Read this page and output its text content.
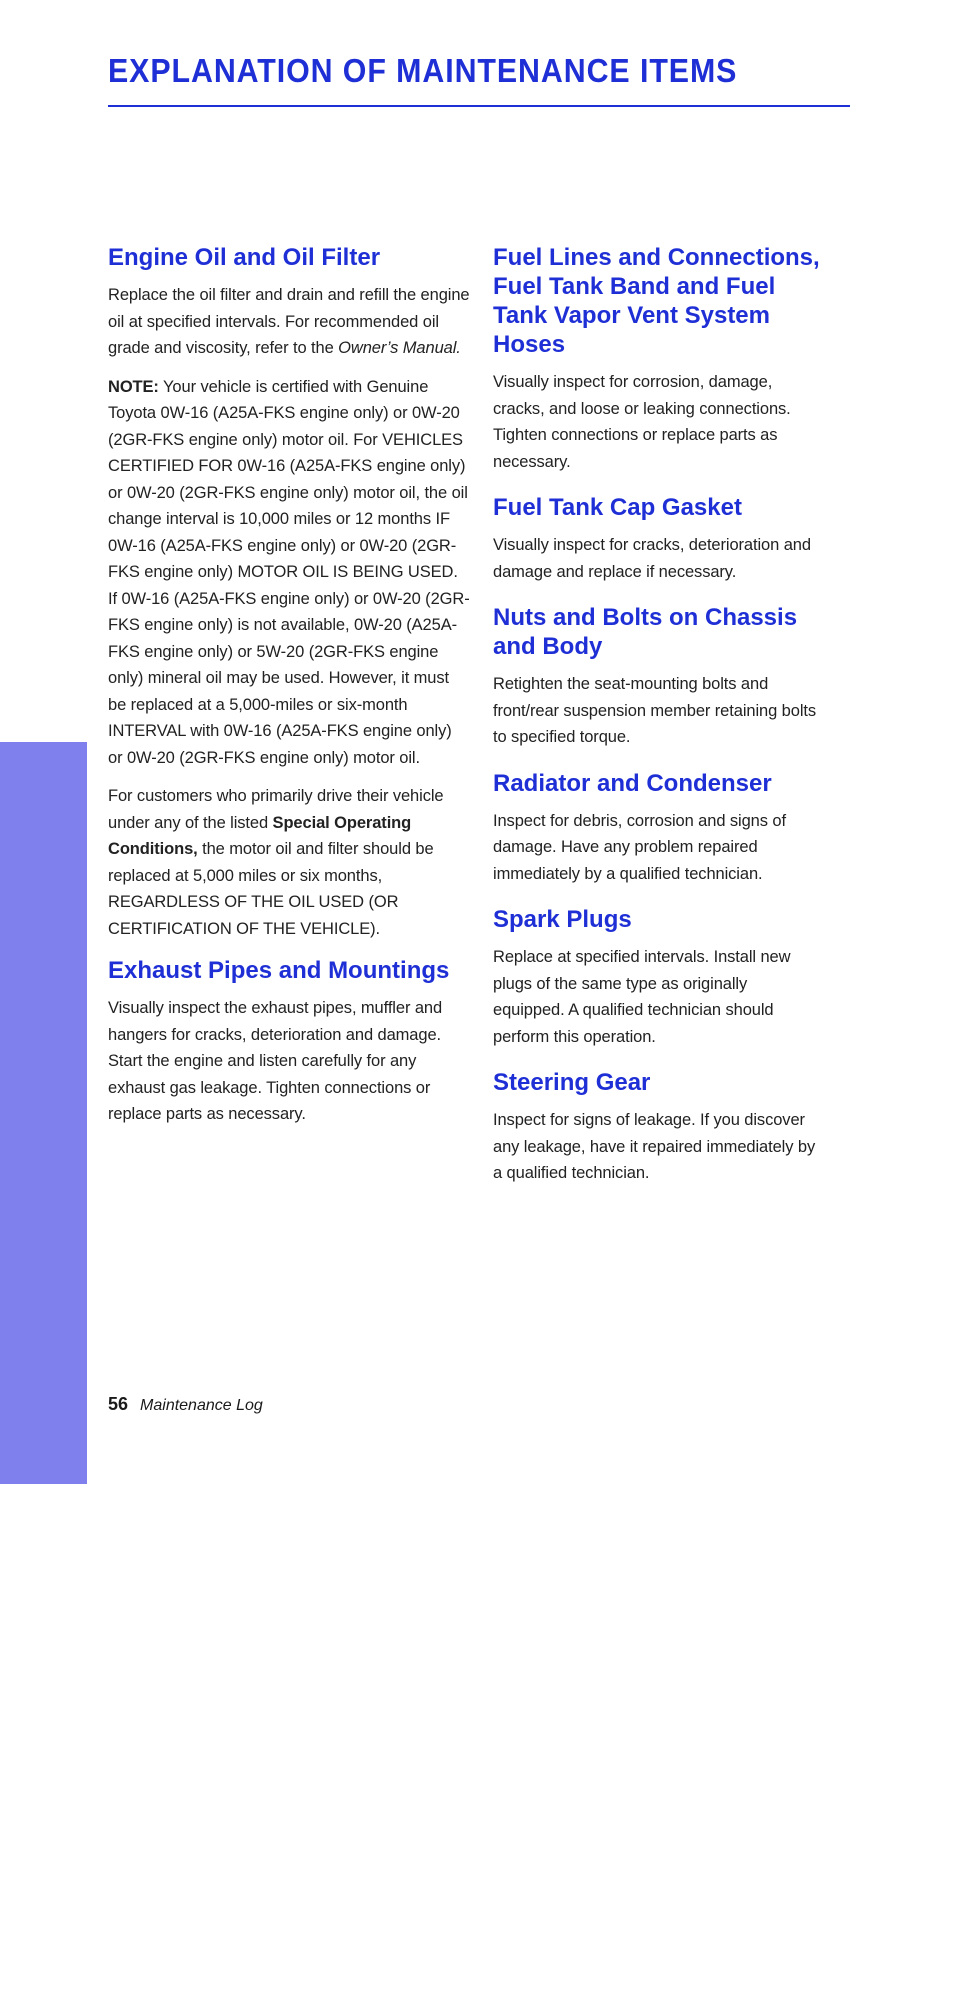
EXPLANATION OF MAINTENANCE ITEMS
MAINTENANCE
Engine Oil and Oil Filter

Replace the oil filter and drain and refill the engine oil at specified intervals. For recommended oil grade and viscosity, refer to the Owner’s Manual.

NOTE: Your vehicle is certified with Genuine Toyota 0W-16 (A25A-FKS engine only) or 0W-20 (2GR-FKS engine only) motor oil. For VEHICLES CERTIFIED FOR 0W-16 (A25A-FKS engine only) or 0W-20 (2GR-FKS engine only) motor oil, the oil change interval is 10,000 miles or 12 months IF 0W-16 (A25A-FKS engine only) or 0W-20 (2GR-FKS engine only) MOTOR OIL IS BEING USED. If 0W-16 (A25A-FKS engine only) or 0W-20 (2GR-FKS engine only) is not available, 0W-20 (A25A-FKS engine only) or 5W-20 (2GR-FKS engine only) mineral oil may be used. However, it must be replaced at a 5,000-miles or six-month INTERVAL with 0W-16 (A25A-FKS engine only) or 0W-20 (2GR-FKS engine only) motor oil.

For customers who primarily drive their vehicle under any of the listed Special Operating Conditions, the motor oil and filter should be replaced at 5,000 miles or six months, REGARDLESS OF THE OIL USED (OR CERTIFICATION OF THE VEHICLE).

Exhaust Pipes and Mountings

Visually inspect the exhaust pipes, muffler and hangers for cracks, deterioration and damage. Start the engine and listen carefully for any exhaust gas leakage. Tighten connections or replace parts as necessary.

Fuel Lines and Connections, Fuel Tank Band and Fuel Tank Vapor Vent System Hoses

Visually inspect for corrosion, damage, cracks, and loose or leaking connections. Tighten connections or replace parts as necessary.

Fuel Tank Cap Gasket

Visually inspect for cracks, deterioration and damage and replace if necessary.

Nuts and Bolts on Chassis and Body

Retighten the seat-mounting bolts and front/rear suspension member retaining bolts to specified torque.

Radiator and Condenser

Inspect for debris, corrosion and signs of damage. Have any problem repaired immediately by a qualified technician.

Spark Plugs

Replace at specified intervals. Install new plugs of the same type as originally equipped. A qualified technician should perform this operation.

Steering Gear

Inspect for signs of leakage. If you discover any leakage, have it repaired immediately by a qualified technician.

56 Maintenance Log
